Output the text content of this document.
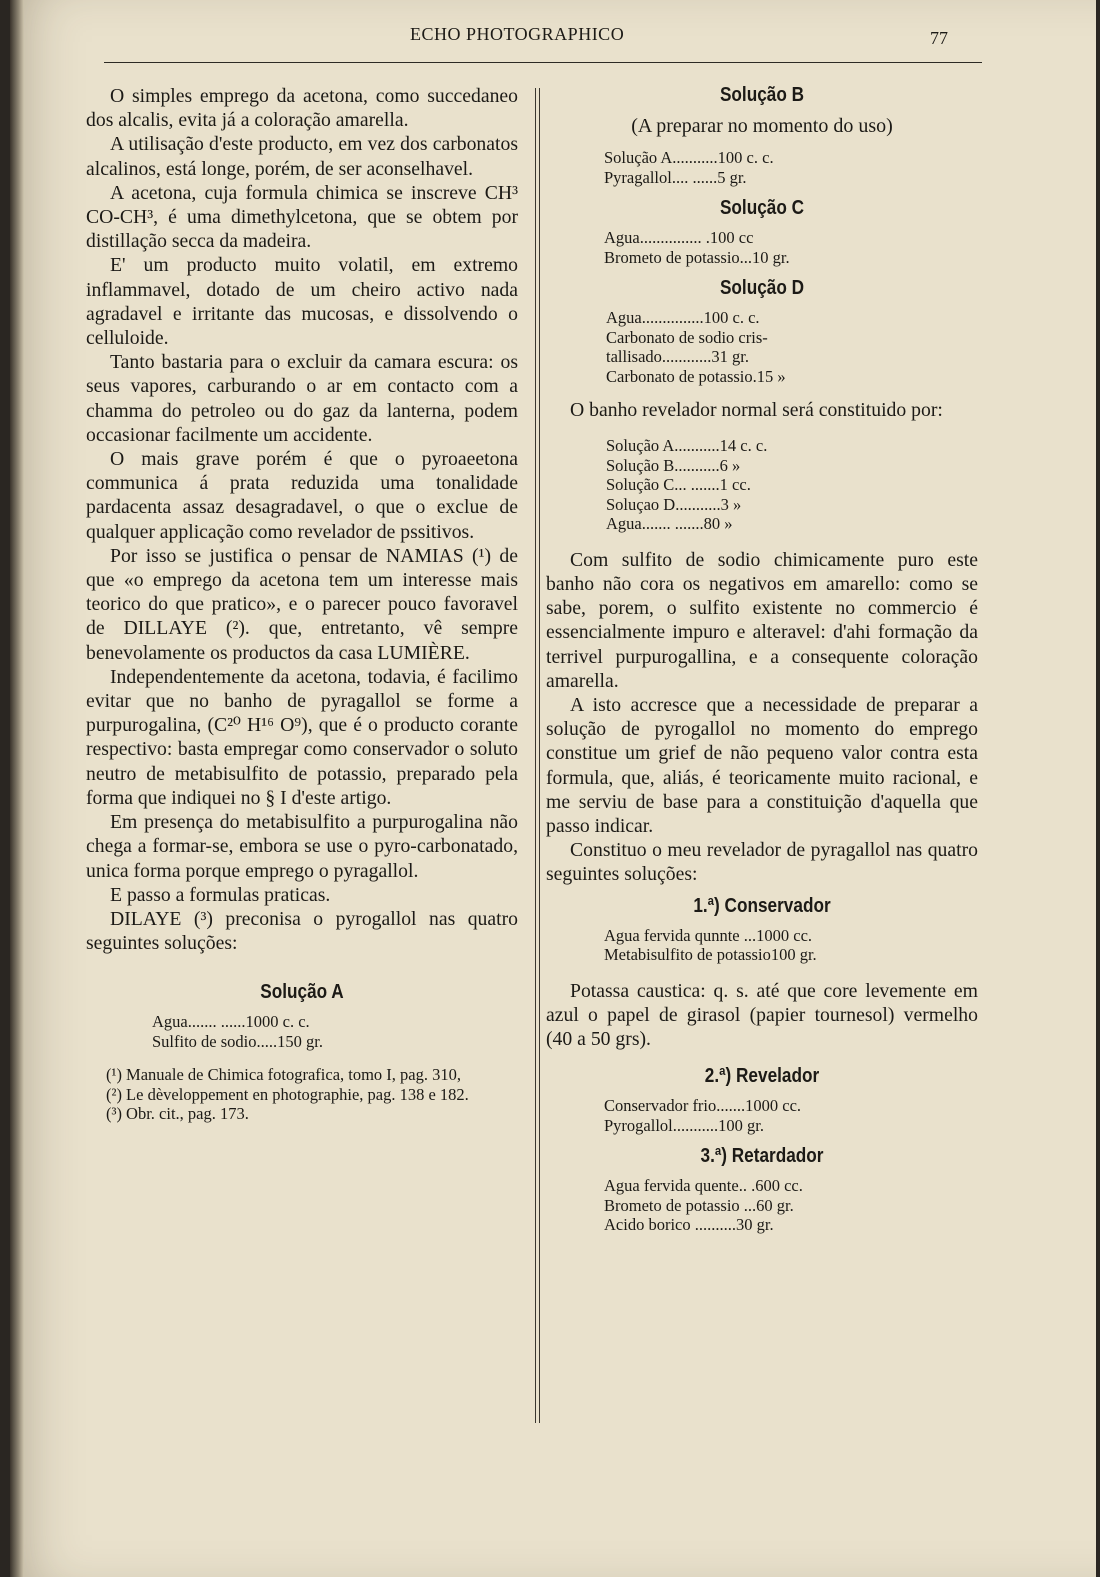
ECHO PHOTOGRAPHICO	77

O simples emprego da acetona, como succedaneo dos alcalis, evita já a coloração amarella.

A utilisação d'este producto, em vez dos carbonatos alcalinos, está longe, porém, de ser aconselhavel.

A acetona, cuja formula chimica se inscreve CH³ CO-CH³, é uma dimethylcetona, que se obtem por distillação secca da madeira.

E' um producto muito volatil, em extremo inflammavel, dotado de um cheiro activo nada agradavel e irritante das mucosas, e dissolvendo o celluloide.

Tanto bastaria para o excluir da camara escura: os seus vapores, carburando o ar em contacto com a chamma do petroleo ou do gaz da lanterna, podem occasionar facilmente um accidente.

O mais grave porém é que o pyroaeetona communica á prata reduzida uma tonalidade pardacenta assaz desagradavel, o que o exclue de qualquer applicação como revelador de pssitivos.

Por isso se justifica o pensar de NAMIAS (¹) de que «o emprego da acetona tem um interesse mais teorico do que pratico», e o parecer pouco favoravel de DILLAYE (²). que, entretanto, vê sempre benevolamente os productos da casa LUMIÈRE.

Independentemente da acetona, todavia, é facilimo evitar que no banho de pyragallol se forme a purpurogalina, (C²⁰ H¹⁶ O⁹), que é o producto corante respectivo: basta empregar como conservador o soluto neutro de metabisulfito de potassio, preparado pela forma que indiquei no § I d'este artigo.

Em presença do metabisulfito a purpurogalina não chega a formar-se, embora se use o pyro-carbonatado, unica forma porque emprego o pyragallol.

E passo a formulas praticas.

DILAYE (³) preconisa o pyrogallol nas quatro seguintes soluções:

Solução A
Agua....... ......1000 c. c.
Sulfito de sodio.....150 gr.
(¹) Manuale de Chimica fotografica, tomo I, pag. 310,
(²) Le dèveloppement en photographie, pag. 138 e 182.
(³) Obr. cit., pag. 173.
Solução B
(A preparar no momento do uso)
Solução A...........100 c. c.
Pyragallol.... ......5 gr.
Solução C
Agua............... .100 cc
Brometo de potassio...10 gr.
Solução D
Agua...............100 c. c.
Carbonato de sodio cris-
tallisado............31 gr.
Carbonato de potassio.15 »

O banho revelador normal será constituido por:

Solução A...........14 c. c.
Solução B...........6 »
Solução C... .......1 cc.
Soluçao D...........3 »
Agua....... .......80 »

Com sulfito de sodio chimicamente puro este banho não cora os negativos em amarello: como se sabe, porem, o sulfito existente no commercio é essencialmente impuro e alteravel: d'ahi formação da terrivel purpurogallina, e a consequente coloração amarella.

A isto accresce que a necessidade de preparar a solução de pyrogallol no momento do emprego constitue um grief de não pequeno valor contra esta formula, que, aliás, é teoricamente muito racional, e me serviu de base para a constituição d'aquella que passo indicar.

Constituo o meu revelador de pyragallol nas quatro seguintes soluções:

1.ª) Conservador
Agua fervida qunnte ...1000 cc.
Metabisulfito de potassio100 gr.

Potassa caustica: q. s. até que core levemente em azul o papel de girasol (papier tournesol) vermelho (40 a 50 grs).

2.ª) Revelador
Conservador frio.......1000 cc.
Pyrogallol...........100 gr.
3.ª) Retardador
Agua fervida quente.. .600 cc.
Brometo de potassio ...60 gr.
Acido borico ..........30 gr.
